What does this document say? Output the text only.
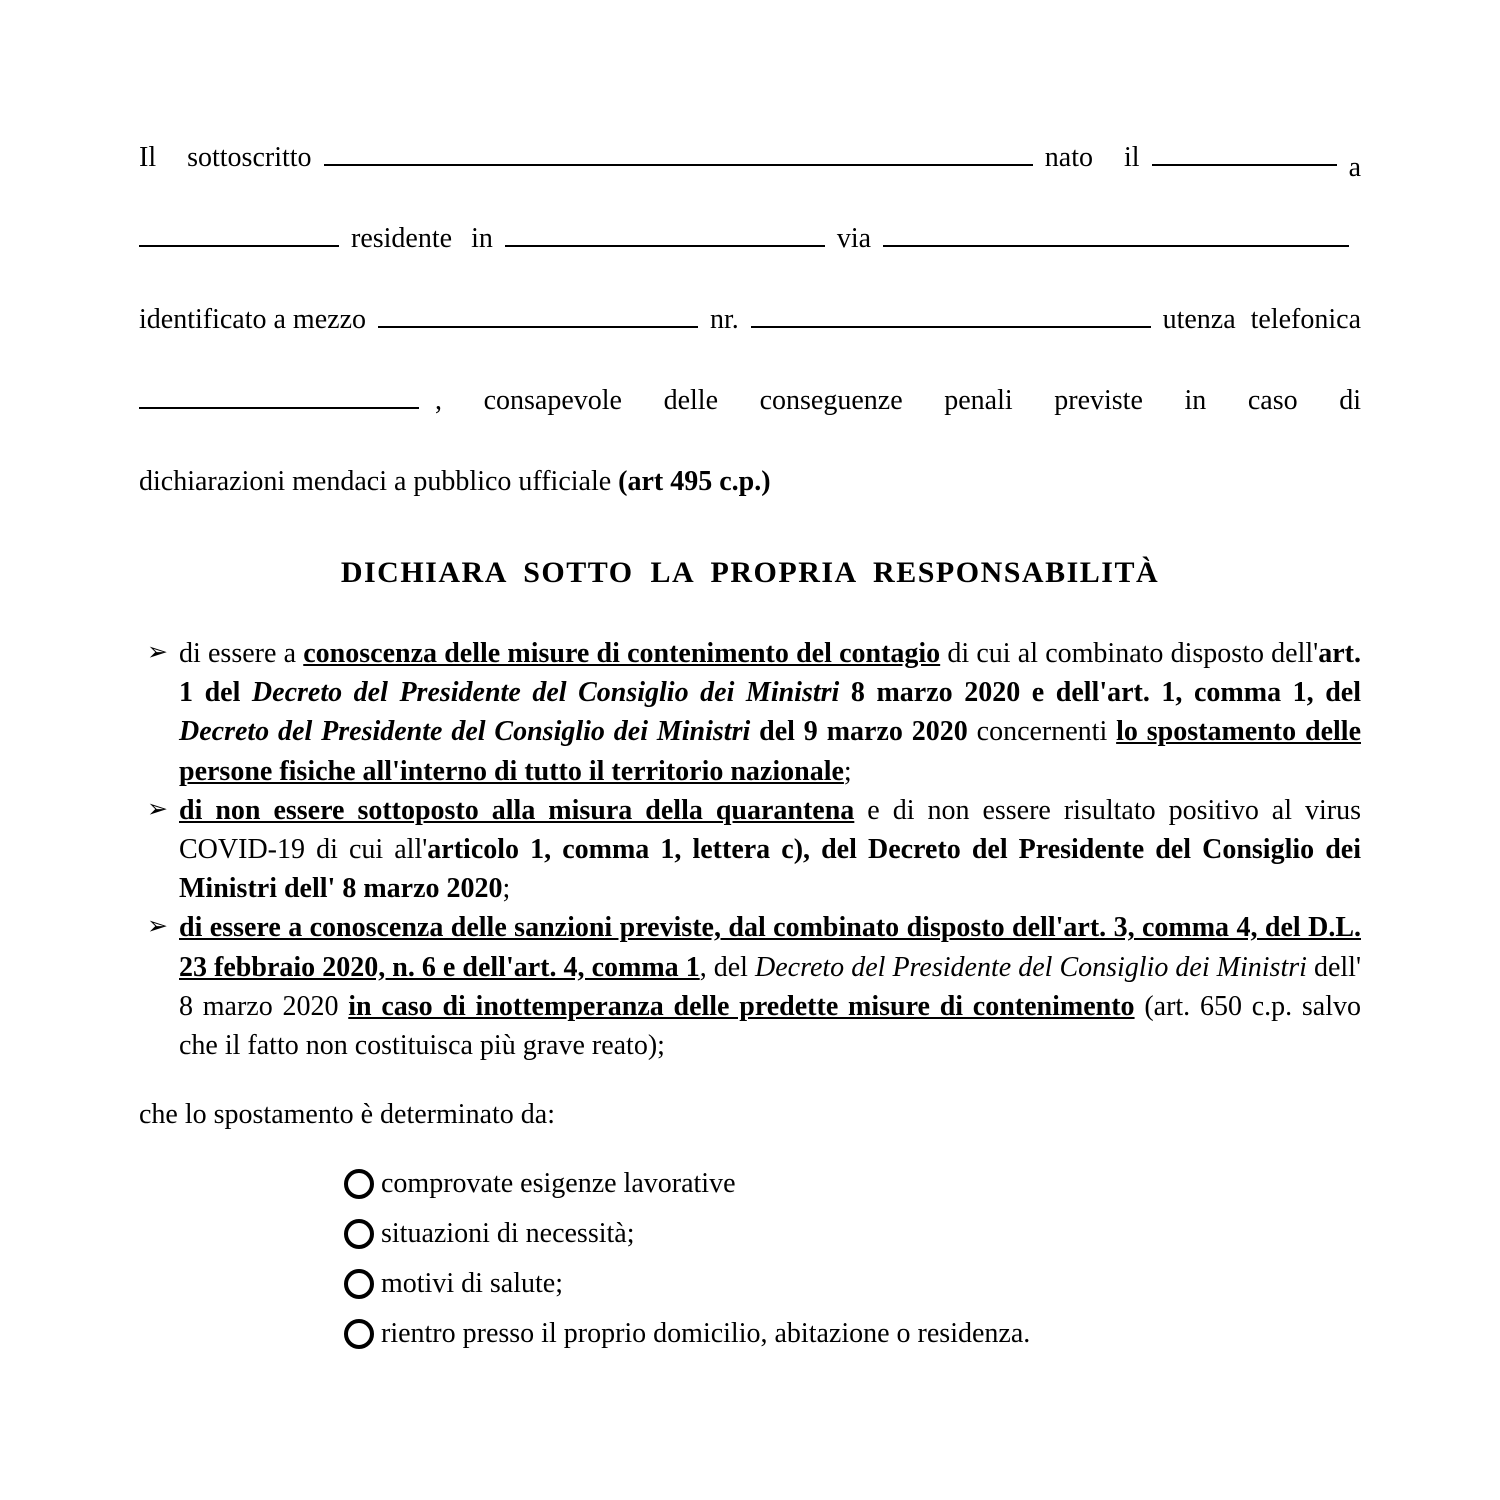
Il sottoscritto	nato il	a
residente in	via
identificato a mezzo	nr.	utenza telefonica
, consapevole delle conseguenze penali previste in caso di

dichiarazioni mendaci a pubblico ufficiale (art 495 c.p.)

DICHIARA SOTTO LA PROPRIA RESPONSABILITÀ
➢ di essere a conoscenza delle misure di contenimento del contagio di cui al combinato disposto dell'art. 1 del Decreto del Presidente del Consiglio dei Ministri 8 marzo 2020 e dell'art. 1, comma 1, del Decreto del Presidente del Consiglio dei Ministri del 9 marzo 2020 concernenti lo spostamento delle persone fisiche all'interno di tutto il territorio nazionale;

➢ di non essere sottoposto alla misura della quarantena e di non essere risultato positivo al virus COVID-19 di cui all'articolo 1, comma 1, lettera c), del Decreto del Presidente del Consiglio dei Ministri dell' 8 marzo 2020;

➢ di essere a conoscenza delle sanzioni previste, dal combinato disposto dell'art. 3, comma 4, del D.L. 23 febbraio 2020, n. 6 e dell'art. 4, comma 1, del Decreto del Presidente del Consiglio dei Ministri dell' 8 marzo 2020 in caso di inottemperanza delle predette misure di contenimento (art. 650 c.p. salvo che il fatto non costituisca più grave reato);

che lo spostamento è determinato da:

comprovate esigenze lavorative
situazioni di necessità;
motivi di salute;
rientro presso il proprio domicilio, abitazione o residenza.
